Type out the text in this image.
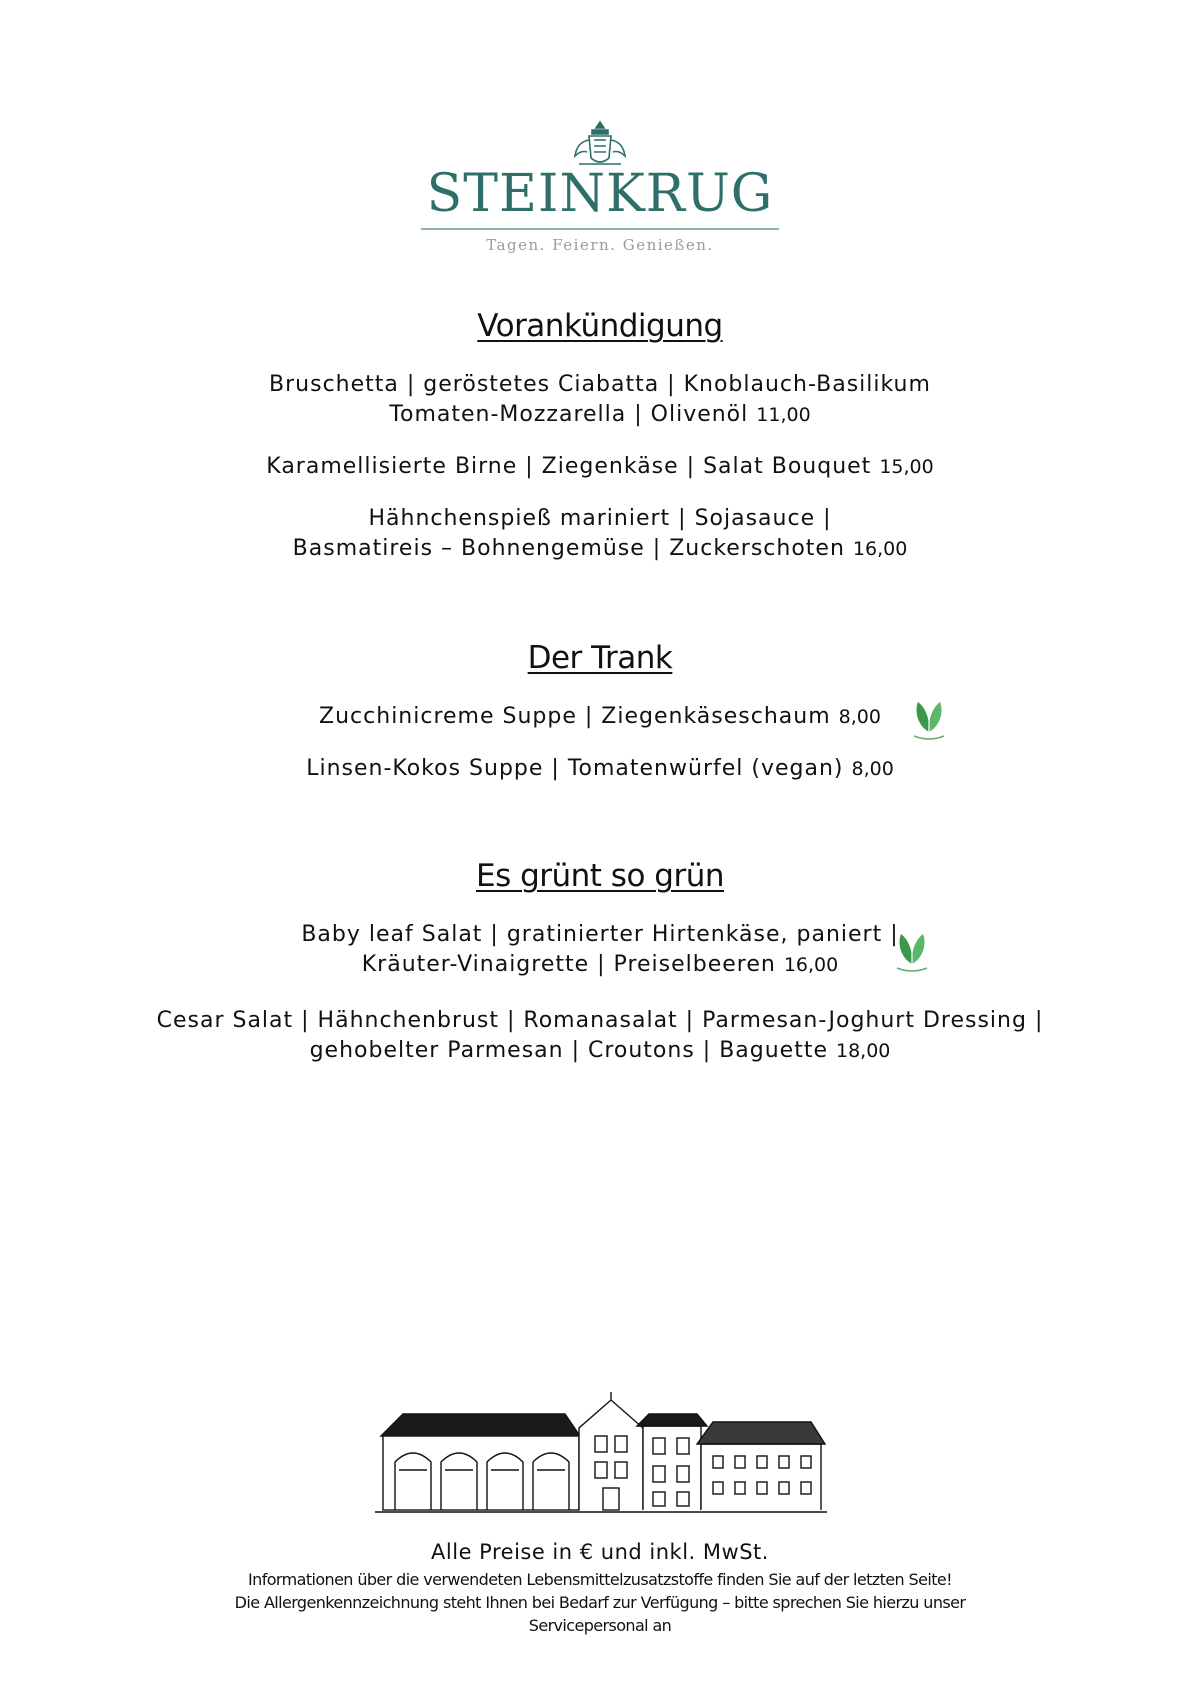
STEINKRUG
Tagen. Feiern. Genießen.
Vorankündigung

Bruschetta | geröstetes Ciabatta | Knoblauch-Basilikum
Tomaten-Mozzarella | Olivenöl 11,00

Karamellisierte Birne | Ziegenkäse | Salat Bouquet 15,00

Hähnchenspieß mariniert | Sojasauce |
Basmatireis – Bohnengemüse | Zuckerschoten 16,00

Der Trank

Zucchinicreme Suppe | Ziegenkäseschaum 8,00

Linsen-Kokos Suppe | Tomatenwürfel (vegan) 8,00

Es grünt so grün

Baby leaf Salat | gratinierter Hirtenkäse, paniert |
Kräuter-Vinaigrette | Preiselbeeren 16,00

Cesar Salat | Hähnchenbrust | Romanasalat | Parmesan-Joghurt Dressing |
gehobelter Parmesan | Croutons | Baguette 18,00

Alle Preise in € und inkl. MwSt.

Informationen über die verwendeten Lebensmittelzusatzstoffe finden Sie auf der letzten Seite!

Die Allergenkennzeichnung steht Ihnen bei Bedarf zur Verfügung – bitte sprechen Sie hierzu unser

Servicepersonal an
